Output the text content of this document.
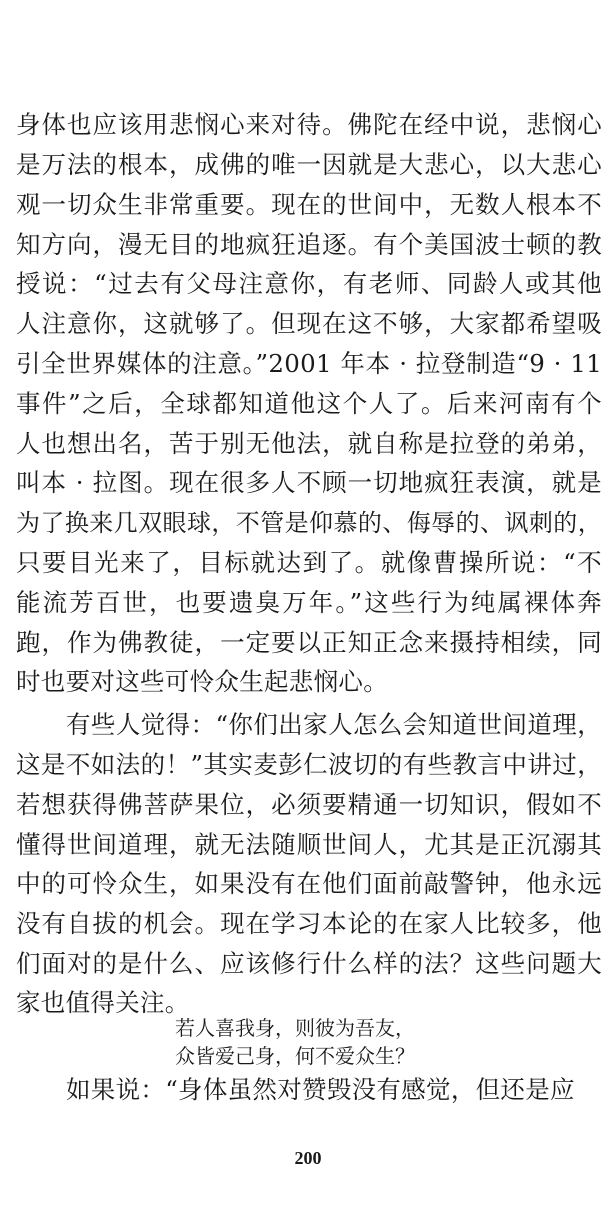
身体也应该用悲悯心来对待。佛陀在经中说，悲悯心
是万法的根本，成佛的唯一因就是大悲心，以大悲心
观一切众生非常重要。现在的世间中，无数人根本不
知方向，漫无目的地疯狂追逐。有个美国波士顿的教
授说：“过去有父母注意你，有老师、同龄人或其他
人注意你，这就够了。但现在这不够，大家都希望吸
引全世界媒体的注意。”2001 年本 · 拉登制造“9 · 11
事件”之后，全球都知道他这个人了。后来河南有个
人也想出名，苦于别无他法，就自称是拉登的弟弟，
叫本 · 拉图。现在很多人不顾一切地疯狂表演，就是
为了换来几双眼球，不管是仰慕的、侮辱的、讽刺的，
只要目光来了，目标就达到了。就像曹操所说：“不
能流芳百世，也要遗臭万年。”这些行为纯属裸体奔
跑，作为佛教徒，一定要以正知正念来摄持相续，同
时也要对这些可怜众生起悲悯心。
有些人觉得：“你们出家人怎么会知道世间道理，
这是不如法的！”其实麦彭仁波切的有些教言中讲过，
若想获得佛菩萨果位，必须要精通一切知识，假如不
懂得世间道理，就无法随顺世间人，尤其是正沉溺其
中的可怜众生，如果没有在他们面前敲警钟，他永远
没有自拔的机会。现在学习本论的在家人比较多，他
们面对的是什么、应该修行什么样的法？这些问题大
家也值得关注。
若人喜我身，则彼为吾友，
众皆爱己身，何不爱众生？
如果说：“身体虽然对赞毁没有感觉，但还是应
200
